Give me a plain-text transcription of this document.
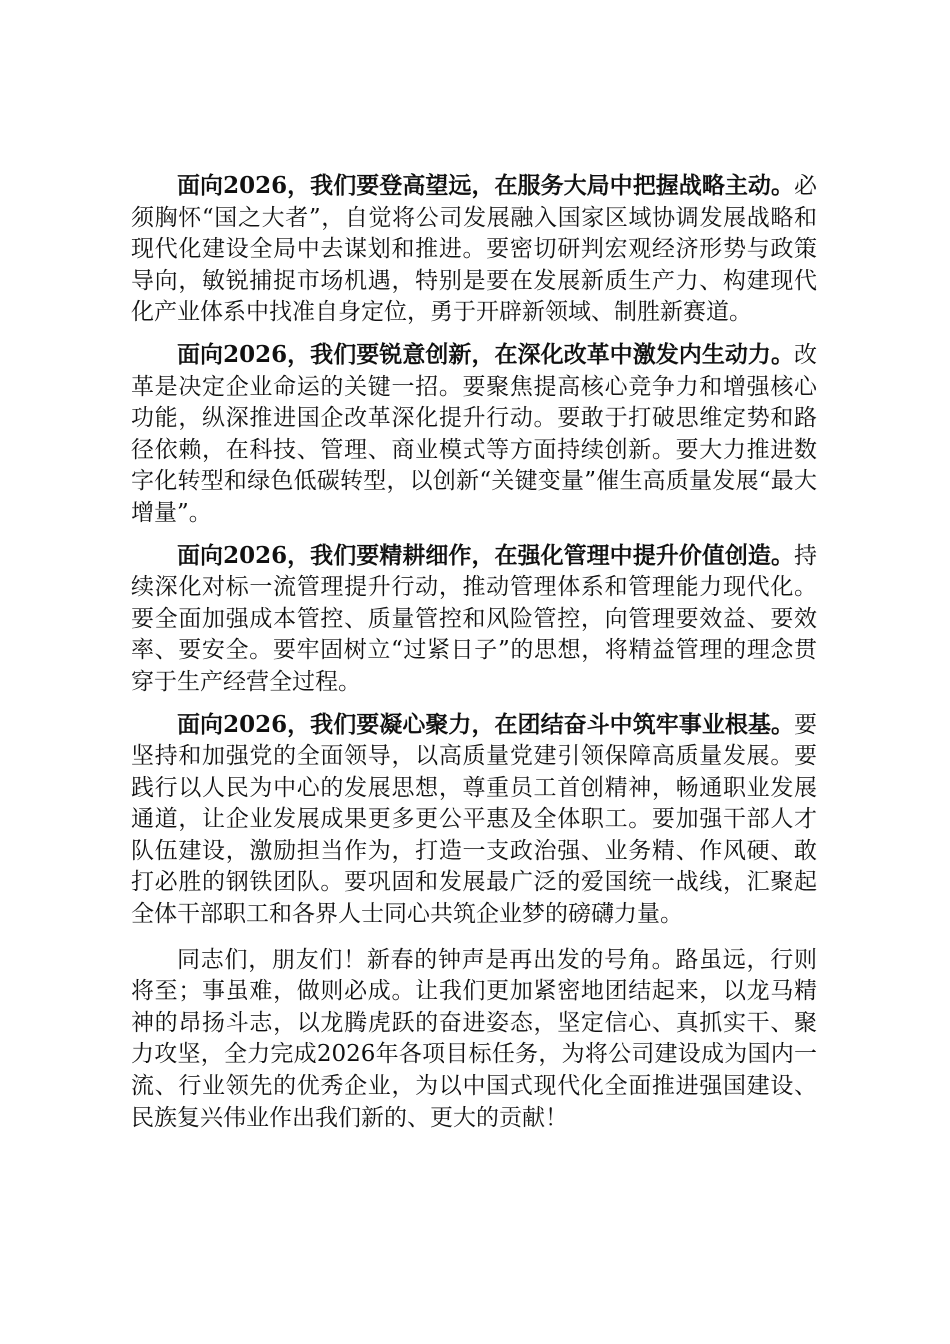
面向2026，我们要登高望远，在服务大局中把握战略主动。必须胸怀“国之大者”，自觉将公司发展融入国家区域协调发展战略和现代化建设全局中去谋划和推进。要密切研判宏观经济形势与政策导向，敏锐捕捉市场机遇，特别是要在发展新质生产力、构建现代化产业体系中找准自身定位，勇于开辟新领域、制胜新赛道。

面向2026，我们要锐意创新，在深化改革中激发内生动力。改革是决定企业命运的关键一招。要聚焦提高核心竞争力和增强核心功能，纵深推进国企改革深化提升行动。要敢于打破思维定势和路径依赖，在科技、管理、商业模式等方面持续创新。要大力推进数字化转型和绿色低碳转型，以创新“关键变量”催生高质量发展“最大增量”。

面向2026，我们要精耕细作，在强化管理中提升价值创造。持续深化对标一流管理提升行动，推动管理体系和管理能力现代化。要全面加强成本管控、质量管控和风险管控，向管理要效益、要效率、要安全。要牢固树立“过紧日子”的思想，将精益管理的理念贯穿于生产经营全过程。

面向2026，我们要凝心聚力，在团结奋斗中筑牢事业根基。要坚持和加强党的全面领导，以高质量党建引领保障高质量发展。要践行以人民为中心的发展思想，尊重员工首创精神，畅通职业发展通道，让企业发展成果更多更公平惠及全体职工。要加强干部人才队伍建设，激励担当作为，打造一支政治强、业务精、作风硬、敢打必胜的钢铁团队。要巩固和发展最广泛的爱国统一战线，汇聚起全体干部职工和各界人士同心共筑企业梦的磅礴力量。

同志们，朋友们！新春的钟声是再出发的号角。路虽远，行则将至；事虽难，做则必成。让我们更加紧密地团结起来，以龙马精神的昂扬斗志，以龙腾虎跃的奋进姿态，坚定信心、真抓实干、聚力攻坚，全力完成2026年各项目标任务，为将公司建设成为国内一流、行业领先的优秀企业，为以中国式现代化全面推进强国建设、民族复兴伟业作出我们新的、更大的贡献！
